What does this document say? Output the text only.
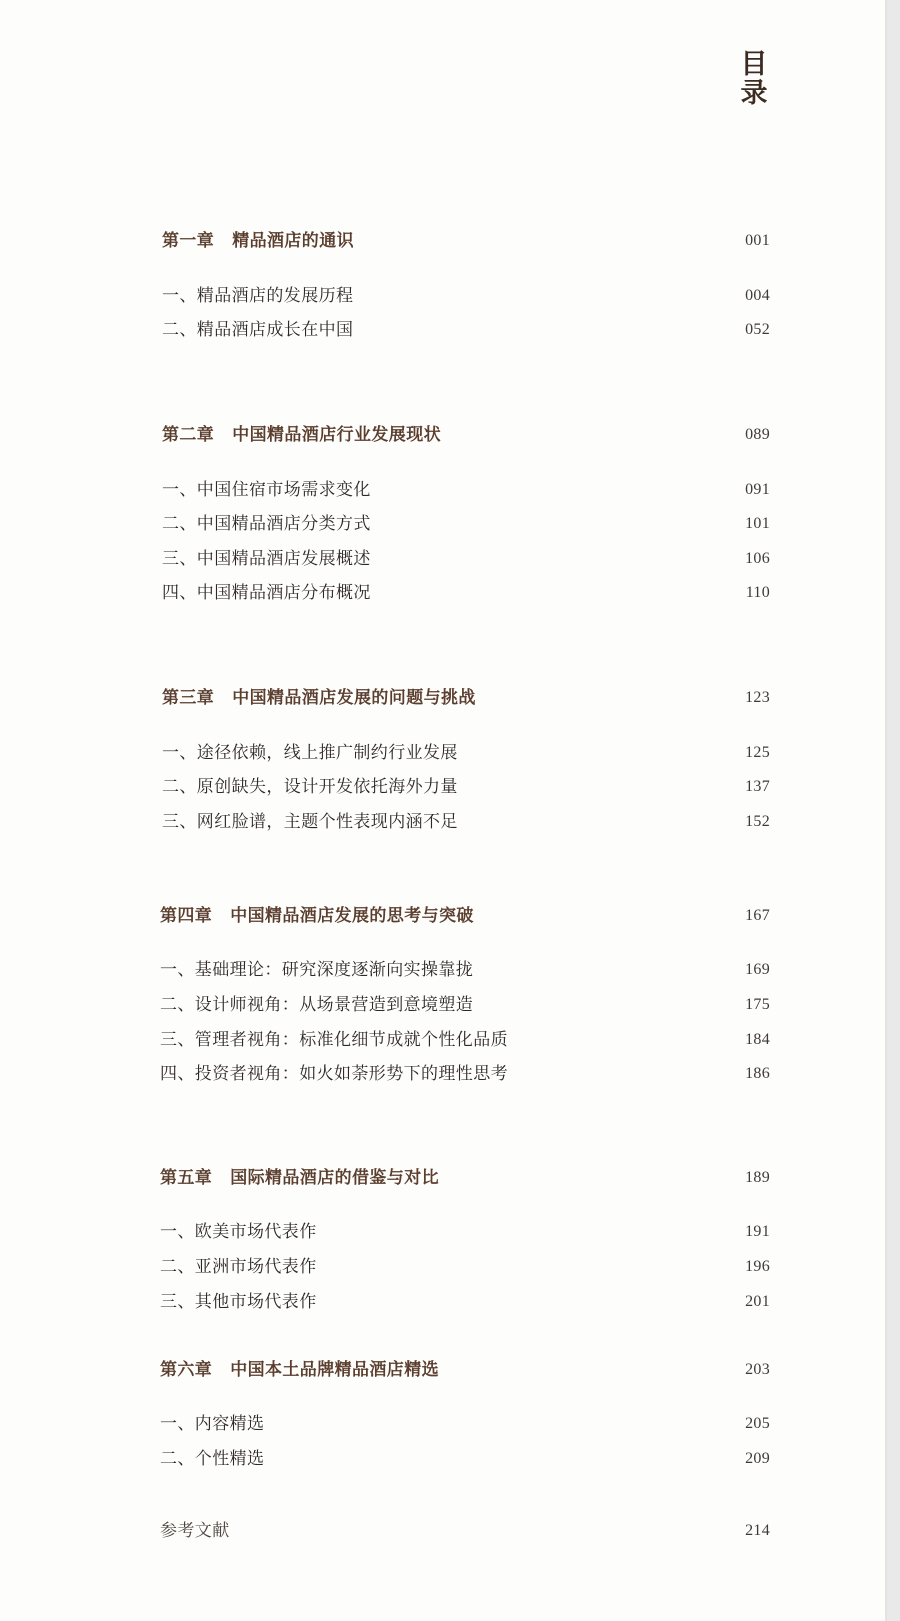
目
录
第一章 精品酒店的通识	001
一、精品酒店的发展历程	004
二、精品酒店成长在中国	052
第二章 中国精品酒店行业发展现状	089
一、中国住宿市场需求变化	091
二、中国精品酒店分类方式	101
三、中国精品酒店发展概述	106
四、中国精品酒店分布概况	110
第三章 中国精品酒店发展的问题与挑战	123
一、途径依赖，线上推广制约行业发展	125
二、原创缺失，设计开发依托海外力量	137
三、网红脸谱，主题个性表现内涵不足	152
第四章 中国精品酒店发展的思考与突破	167
一、基础理论：研究深度逐渐向实操靠拢	169
二、设计师视角：从场景营造到意境塑造	175
三、管理者视角：标准化细节成就个性化品质	184
四、投资者视角：如火如荼形势下的理性思考	186
第五章 国际精品酒店的借鉴与对比	189
一、欧美市场代表作	191
二、亚洲市场代表作	196
三、其他市场代表作	201
第六章 中国本土品牌精品酒店精选	203
一、内容精选	205
二、个性精选	209
参考文献	214
